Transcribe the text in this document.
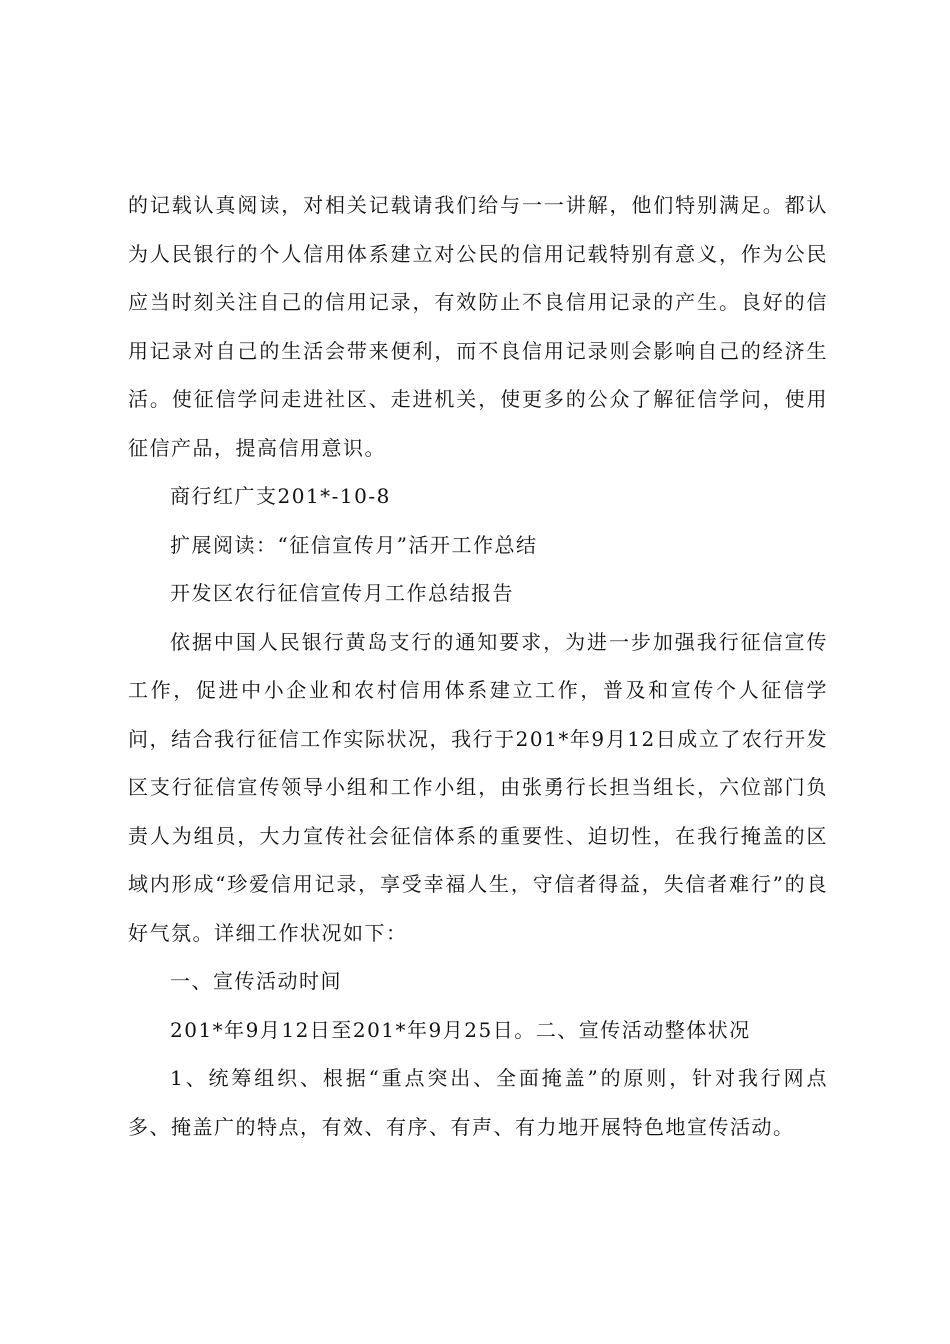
的记载认真阅读，对相关记载请我们给与一一讲解，他们特别满足。都认为人民银行的个人信用体系建立对公民的信用记载特别有意义，作为公民应当时刻关注自己的信用记录，有效防止不良信用记录的产生。良好的信用记录对自己的生活会带来便利，而不良信用记录则会影响自己的经济生活。使征信学问走进社区、走进机关，使更多的公众了解征信学问，使用征信产品，提高信用意识。

商行红广支201*-10-8

扩展阅读：“征信宣传月”活开工作总结

开发区农行征信宣传月工作总结报告

依据中国人民银行黄岛支行的通知要求，为进一步加强我行征信宣传工作，促进中小企业和农村信用体系建立工作，普及和宣传个人征信学问，结合我行征信工作实际状况，我行于201*年9月12日成立了农行开发区支行征信宣传领导小组和工作小组，由张勇行长担当组长，六位部门负责人为组员，大力宣传社会征信体系的重要性、迫切性，在我行掩盖的区域内形成“珍爱信用记录，享受幸福人生，守信者得益，失信者难行”的良好气氛。详细工作状况如下：

一、宣传活动时间

201*年9月12日至201*年9月25日。二、宣传活动整体状况

1、统筹组织、根据“重点突出、全面掩盖”的原则，针对我行网点多、掩盖广的特点，有效、有序、有声、有力地开展特色地宣传活动。
